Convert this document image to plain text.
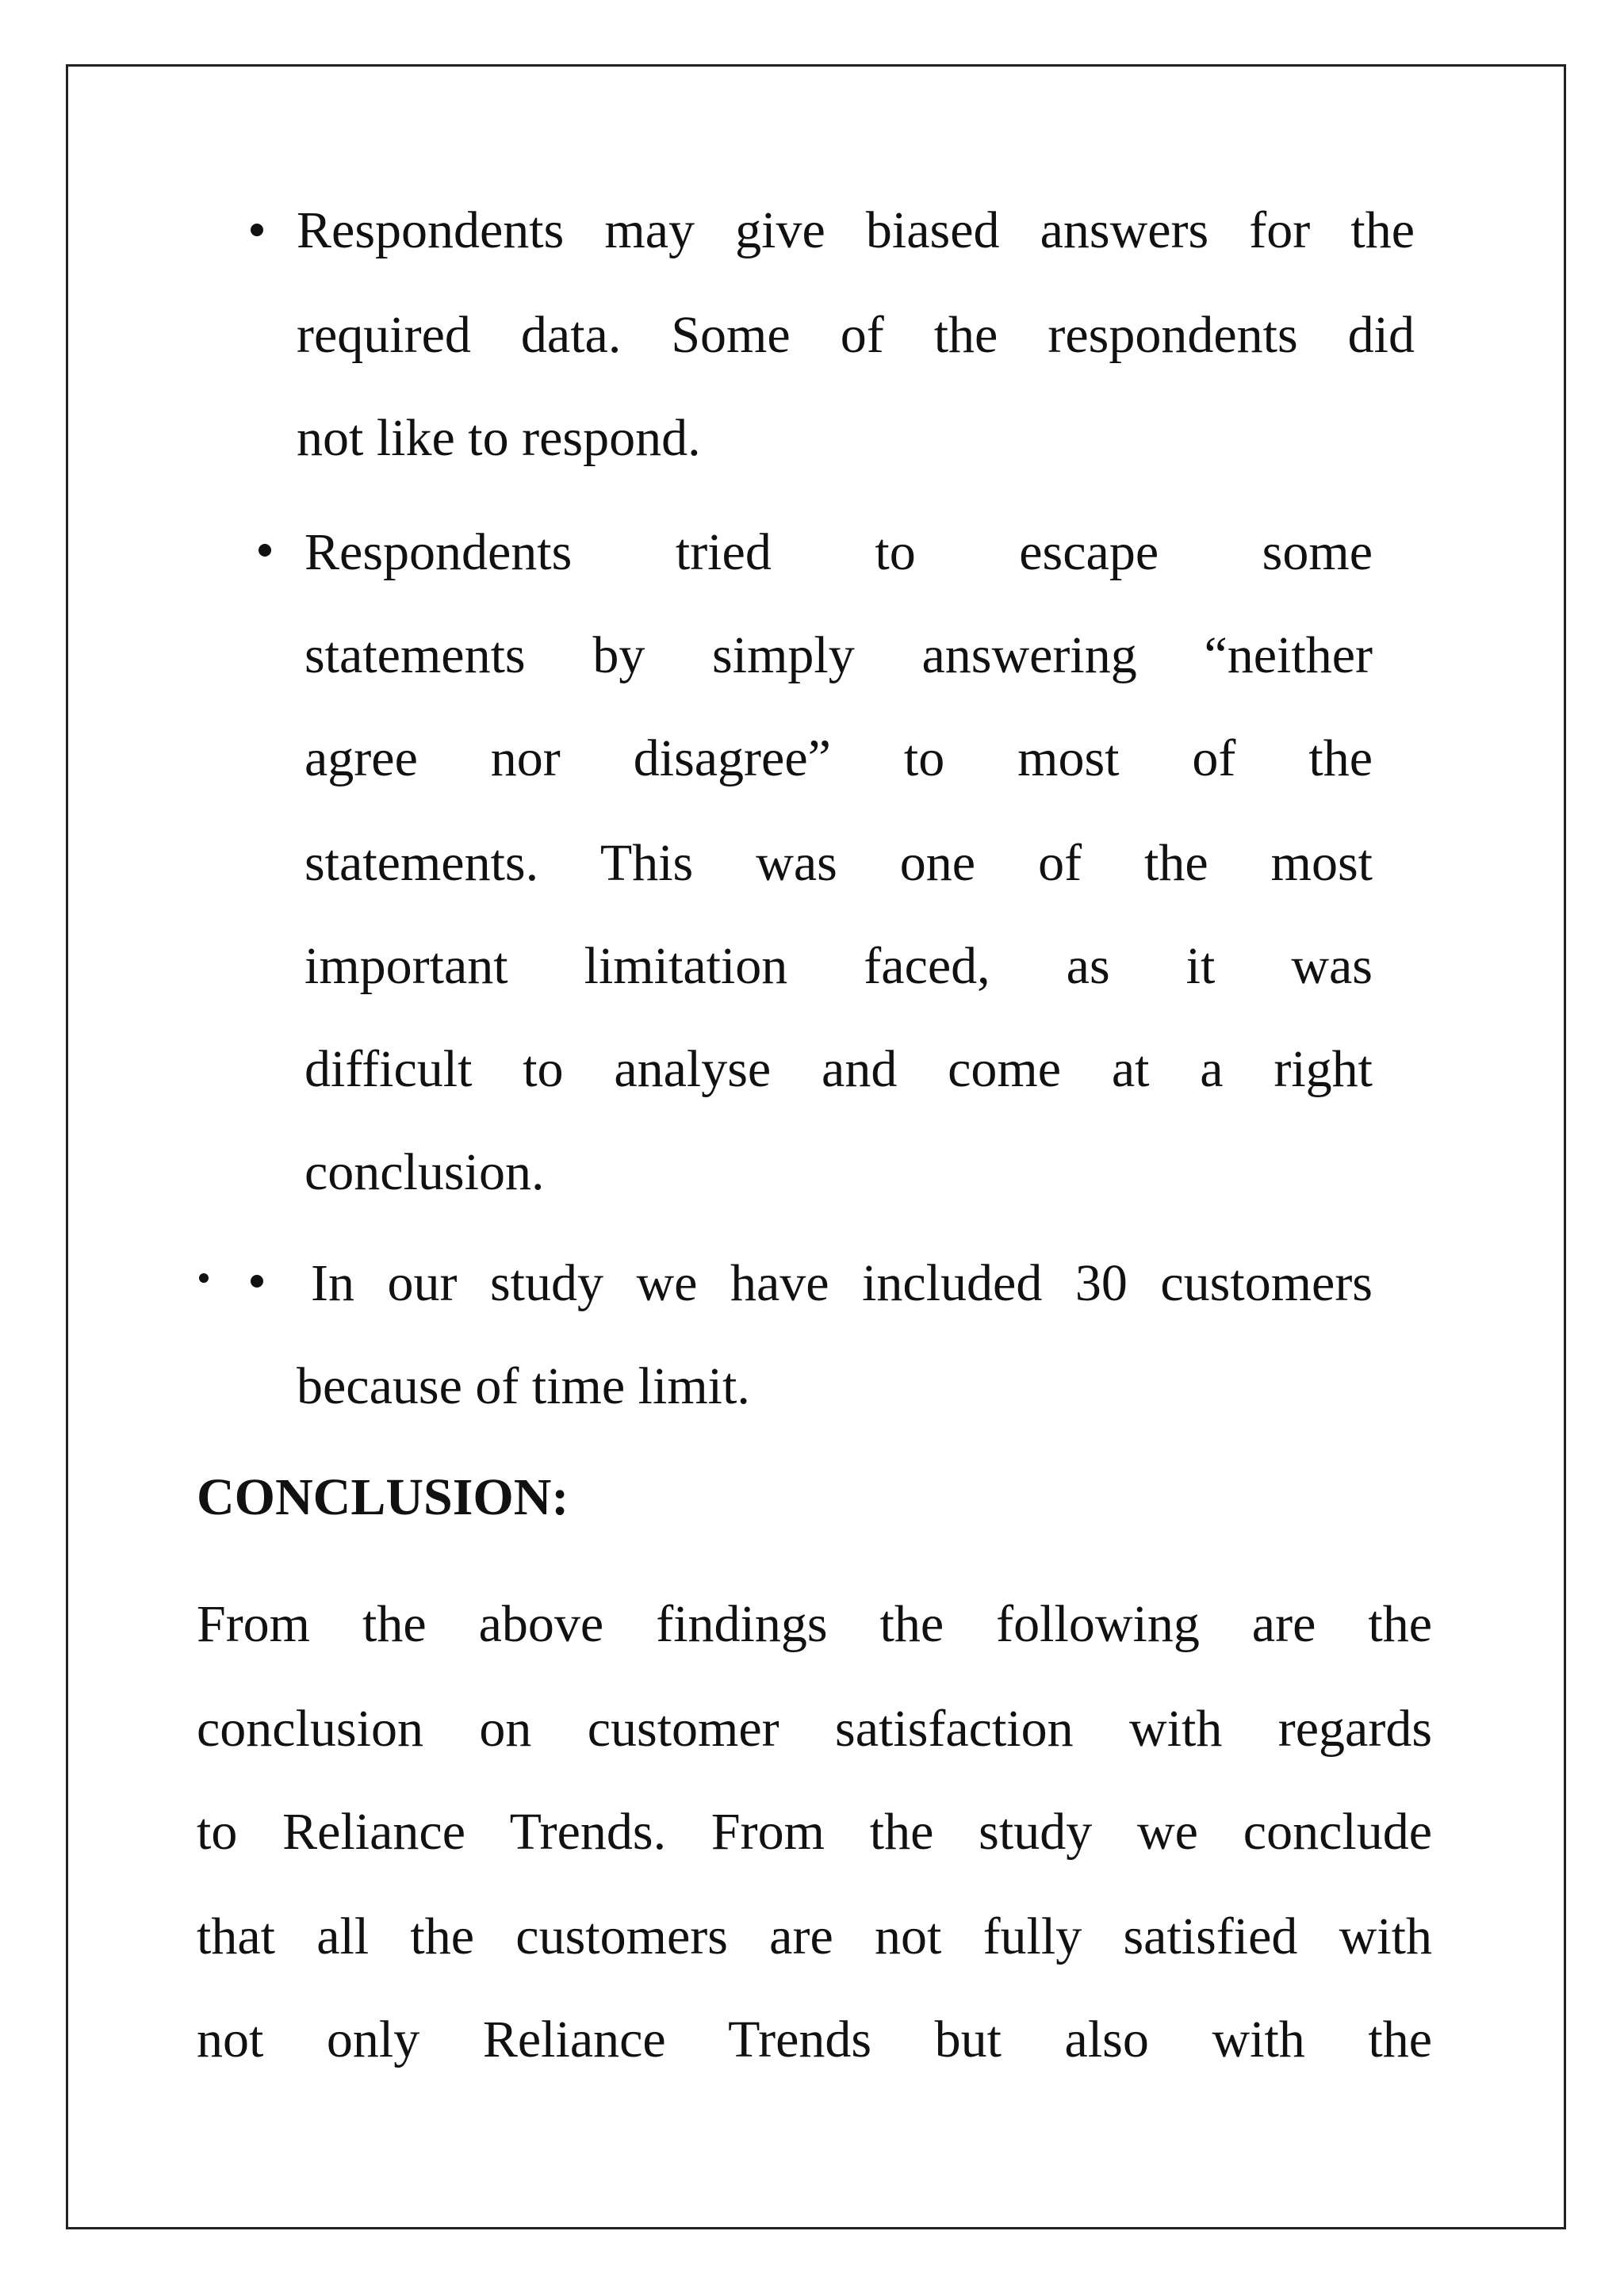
Respondents may give biased answers for the
required data. Some of the respondents did
not like to respond.
Respondents tried to escape some
statements by simply answering “neither
agree nor disagree” to most of the
statements. This was one of the most
important limitation faced, as it was
difficult to analyse and come at a right
conclusion.
In our study we have included 30 customers
because of time limit.
CONCLUSION:
From the above findings the following are the
conclusion on customer satisfaction with regards
to Reliance Trends. From the study we conclude
that all the customers are not fully satisfied with
not only Reliance Trends but also with the
